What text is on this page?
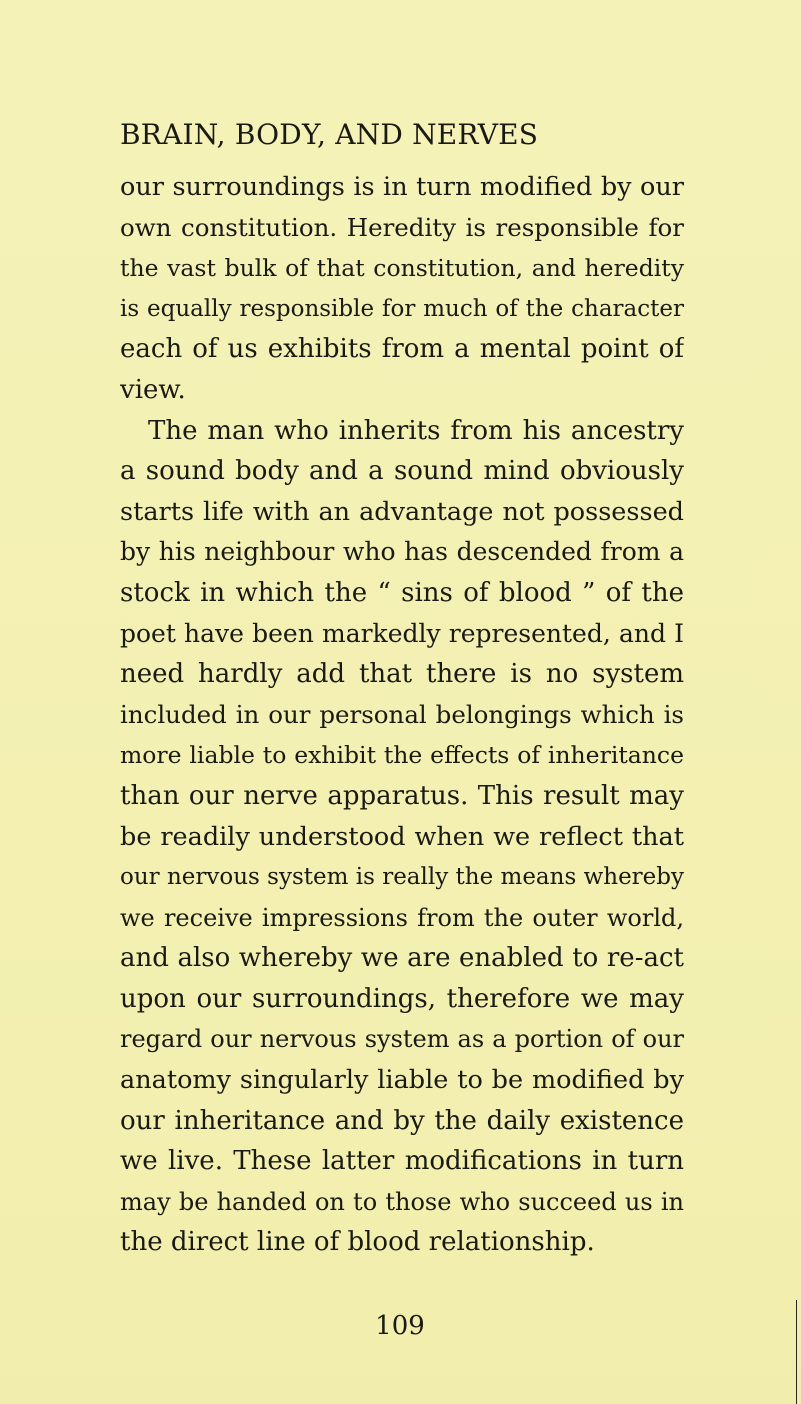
BRAIN, BODY, AND NERVES
our surroundings is in turn modified by our
own constitution. Heredity is responsible for
the vast bulk of that constitution, and heredity
is equally responsible for much of the character
each of us exhibits from a mental point of
view.
The man who inherits from his ancestry
a sound body and a sound mind obviously
starts life with an advantage not possessed
by his neighbour who has descended from a
stock in which the “ sins of blood ” of the
poet have been markedly represented, and I
need hardly add that there is no system
included in our personal belongings which is
more liable to exhibit the effects of inheritance
than our nerve apparatus. This result may
be readily understood when we reflect that
our nervous system is really the means whereby
we receive impressions from the outer world,
and also whereby we are enabled to re-act
upon our surroundings, therefore we may
regard our nervous system as a portion of our
anatomy singularly liable to be modified by
our inheritance and by the daily existence
we live. These latter modifications in turn
may be handed on to those who succeed us in
the direct line of blood relationship.
109
